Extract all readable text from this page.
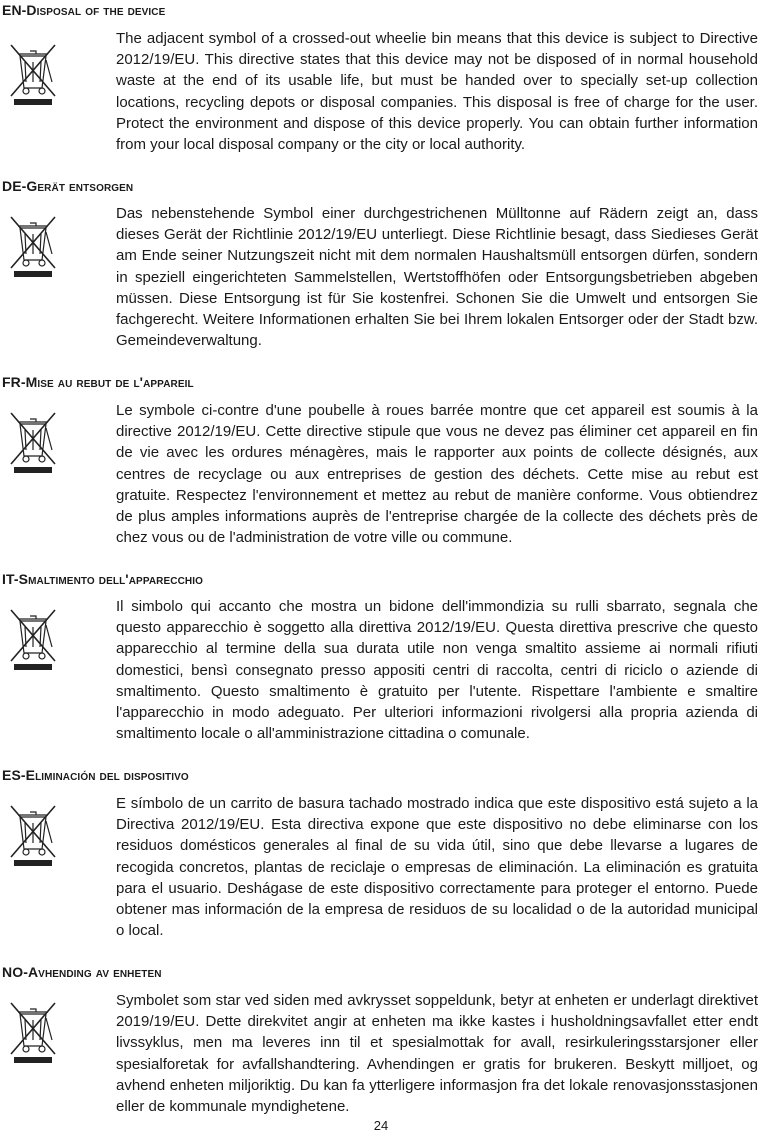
EN-Disposal of the device
The adjacent symbol of a crossed-out wheelie bin means that this device is subject to Directive 2012/19/EU. This directive states that this device may not be disposed of in normal household waste at the end of its usable life, but must be handed over to specially set-up collection locations, recycling depots or disposal companies. This disposal is free of charge for the user. Protect the environment and dispose of this device properly. You can obtain further information from your local disposal company or the city or local authority.
DE-Gerät entsorgen
Das nebenstehende Symbol einer durchgestrichenen Mülltonne auf Rädern zeigt an, dass dieses Gerät der Richtlinie 2012/19/EU unterliegt. Diese Richtlinie besagt, dass Siedieses Gerät am Ende seiner Nutzungszeit nicht mit dem normalen Haushaltsmüll entsorgen dürfen, sondern in speziell eingerichteten Sammelstellen, Wertstoffhöfen oder Entsorgungsbetrieben abgeben müssen. Diese Entsorgung ist für Sie kostenfrei. Schonen Sie die Umwelt und entsorgen Sie fachgerecht. Weitere Informationen erhalten Sie bei Ihrem lokalen Entsorger oder der Stadt bzw. Gemeindeverwaltung.
FR-Mise au rebut de l'appareil
Le symbole ci-contre d'une poubelle à roues barrée montre que cet appareil est soumis à la directive 2012/19/EU. Cette directive stipule que vous ne devez pas éliminer cet appareil en fin de vie avec les ordures ménagères, mais le rapporter aux points de collecte désignés, aux centres de recyclage ou aux entreprises de gestion des déchets. Cette mise au rebut est gratuite. Respectez l'environnement et mettez au rebut de manière conforme. Vous obtiendrez de plus amples informations auprès de l'entreprise chargée de la collecte des déchets près de chez vous ou de l'administration de votre ville ou commune.
IT-Smaltimento dell'apparecchio
Il simbolo qui accanto che mostra un bidone dell'immondizia su rulli sbarrato, segnala che questo apparecchio è soggetto alla direttiva 2012/19/EU. Questa direttiva prescrive che questo apparecchio al termine della sua durata utile non venga smaltito assieme ai normali rifiuti domestici, bensì consegnato presso appositi centri di raccolta, centri di riciclo o aziende di smaltimento. Questo smaltimento è gratuito per l'utente. Rispettare l'ambiente e smaltire l'apparecchio in modo adeguato. Per ulteriori informazioni rivolgersi alla propria azienda di smaltimento locale o all'amministrazione cittadina o comunale.
ES-Eliminación del dispositivo
E símbolo de un carrito de basura tachado mostrado indica que este dispositivo está sujeto a la Directiva 2012/19/EU. Esta directiva expone que este dispositivo no debe eliminarse con los residuos domésticos generales al final de su vida útil, sino que debe llevarse a lugares de recogida concretos, plantas de reciclaje o empresas de eliminación. La eliminación es gratuita para el usuario. Deshágase de este dispositivo correctamente para proteger el entorno. Puede obtener mas información de la empresa de residuos de su localidad o de la autoridad municipal o local.
NO-Avhending av enheten
Symbolet som star ved siden med avkrysset soppeldunk, betyr at enheten er underlagt direktivet 2019/19/EU. Dette direkvitet angir at enheten ma ikke kastes i husholdningsavfallet etter endt livssyklus, men ma leveres inn til et spesialmottak for avall, resirkuleringsstarsjoner eller spesialforetak for avfallshandtering. Avhendingen er gratis for brukeren. Beskytt milljoet, og avhend enheten miljoriktig. Du kan fa ytterligere informasjon fra det lokale renovasjonsstasjonen eller de kommunale myndighetene.
24
